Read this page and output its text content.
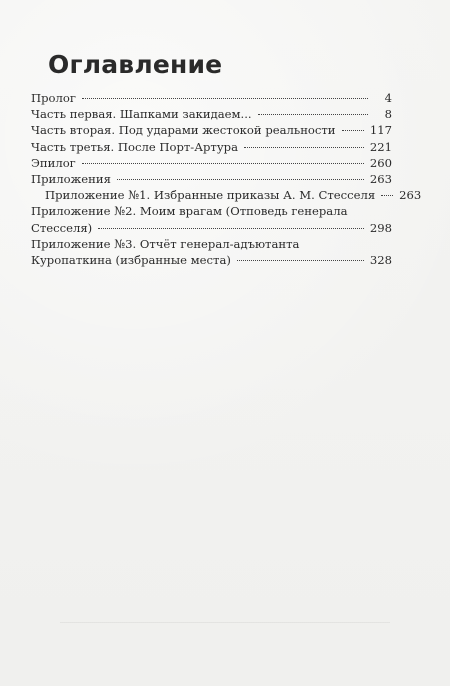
Оглавление
Пролог	4
Часть первая. Шапками закидаем...	8
Часть вторая. Под ударами жестокой реальности	117
Часть третья. После Порт-Артура	221
Эпилог	260
Приложения	263
Приложение №1. Избранные приказы А. М. Стесселя 263
Приложение №2. Моим врагам (Отповедь генерала
Стесселя)	298
Приложение №3. Отчёт генерал-адъютанта
Куропаткина (избранные места)	328
